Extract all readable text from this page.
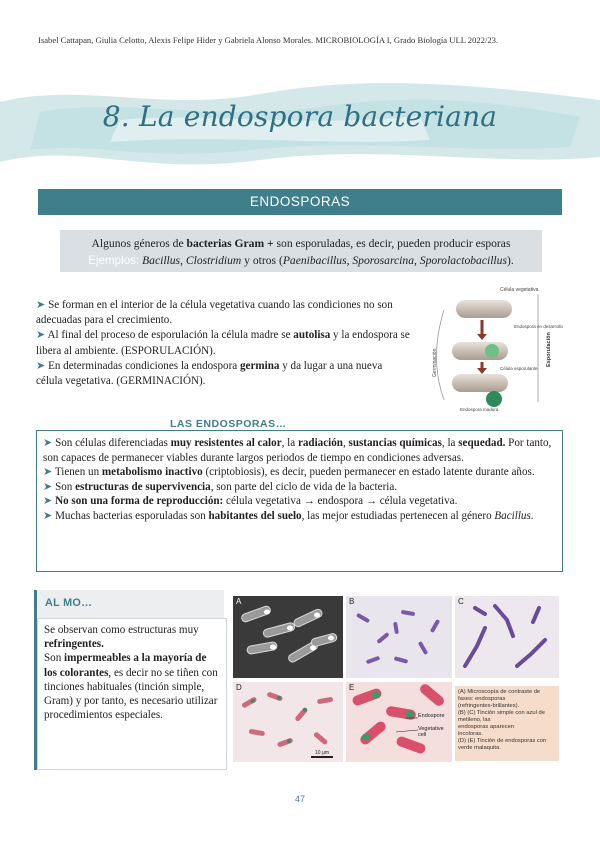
Isabel Cattapan, Giulia Celotto, Alexis Felipe Hider y Gabriela Alonso Morales. MICROBIOLOGÍA I, Grado Biología ULL 2022/23.
8. La endospora bacteriana
ENDOSPORAS
Algunos géneros de bacterias Gram + son esporuladas, es decir, pueden producir esporas
Ejemplos: Bacillus, Clostridium y otros (Paenibacillus, Sporosarcina, Sporolactobacillus).
➤ Se forman en el interior de la célula vegetativa cuando las condiciones no son adecuadas para el crecimiento.
➤ Al final del proceso de esporulación la célula madre se autolisa y la endospora se libera al ambiente. (ESPORULACIÓN).
➤ En determinadas condiciones la endospora germina y da lugar a una nueva célula vegetativa. (GERMINACIÓN).
Célula vegetativa
Endospora en desarrollo
Célula esporulante
Endospora madura
Esporulación
Germinación
LAS ENDOSPORAS…
➤ Son células diferenciadas muy resistentes al calor, la radiación, sustancias químicas, la sequedad. Por tanto, son capaces de permanecer viables durante largos periodos de tiempo en condiciones adversas.
➤ Tienen un metabolismo inactivo (criptobiosis), es decir, pueden permanecer en estado latente durante años.
➤ Son estructuras de supervivencia, son parte del ciclo de vida de la bacteria.
➤ No son una forma de reproducción: célula vegetativa → endospora → célula vegetativa.
➤ Muchas bacterias esporuladas son habitantes del suelo, las mejor estudiadas pertenecen al género Bacillus.
AL MO…
Se observan como estructuras muy refringentes.
Son impermeables a la mayoría de los colorantes, es decir no se tiñen con tinciones habituales (tinción simple, Gram) y por tanto, es necesario utilizar procedimientos especiales.
A	B	C
D
10 µm
E
Endospore
Vegetative cell
(A) Microscopía de contraste de fases: endosporas
(refringentes-brillantes).
(B) (C) Tinción simple con azul de metileno, las
endosporas aparecen
incoloras.
(D) (E) Tinción de endosporas con verde malaquita.
47
